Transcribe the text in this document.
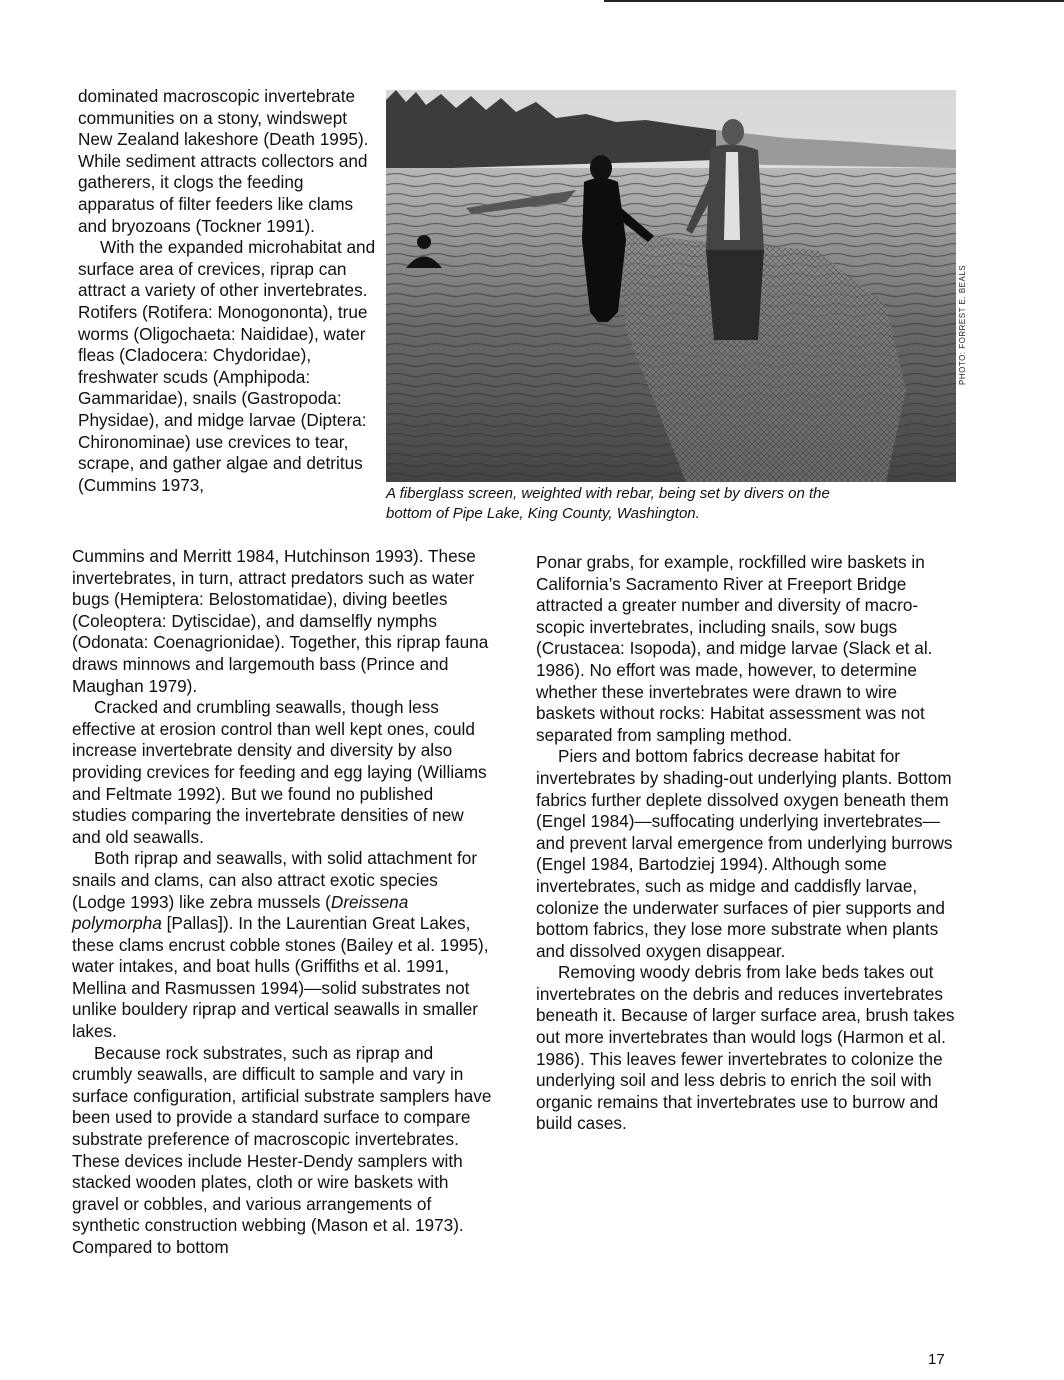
dominated macroscopic invertebrate communities on a stony, windswept New Zealand lakeshore (Death 1995). While sediment attracts collectors and gatherers, it clogs the feeding apparatus of filter feeders like clams and bryozoans (Tockner 1991).

With the expanded microhabitat and surface area of crevices, riprap can attract a variety of other invertebrates. Rotifers (Rotifera: Monogononta), true worms (Oligochaeta: Naididae), water fleas (Cladocera: Chydoridae), freshwater scuds (Amphipoda: Gammaridae), snails (Gastropoda: Physidae), and midge larvae (Diptera: Chironominae) use crevices to tear, scrape, and gather algae and detritus (Cummins 1973,	A fiberglass screen, weighted with rebar, being set by divers on the bottom of Pipe Lake, King County, Washington.
PHOTO: FORREST E. BEALS

Cummins and Merritt 1984, Hutchinson 1993). These invertebrates, in turn, attract predators such as water bugs (Hemiptera: Belostomatidae), diving beetles (Coleoptera: Dytiscidae), and damselfly nymphs (Odonata: Coenagrionidae). Together, this riprap fauna draws minnows and largemouth bass (Prince and Maughan 1979).

Cracked and crumbling seawalls, though less effective at erosion control than well kept ones, could increase invertebrate density and diversity by also providing crevices for feeding and egg laying (Williams and Feltmate 1992). But we found no published studies comparing the invertebrate densities of new and old seawalls.

Both riprap and seawalls, with solid attachment for snails and clams, can also attract exotic species (Lodge 1993) like zebra mussels (Dreissena polymorpha [Pallas]). In the Laurentian Great Lakes, these clams encrust cobble stones (Bailey et al. 1995), water intakes, and boat hulls (Griffiths et al. 1991, Mellina and Rasmussen 1994)—solid substrates not unlike bouldery riprap and vertical seawalls in smaller lakes.

Because rock substrates, such as riprap and crumbly seawalls, are difficult to sample and vary in surface configuration, artificial substrate samplers have been used to provide a standard surface to compare substrate preference of macroscopic invertebrates. These devices include Hester-Dendy samplers with stacked wooden plates, cloth or wire baskets with gravel or cobbles, and various arrangements of synthetic construction webbing (Mason et al. 1973). Compared to bottom

Ponar grabs, for example, rockfilled wire baskets in California’s Sacramento River at Freeport Bridge attracted a greater number and diversity of macroscopic invertebrates, including snails, sow bugs (Crustacea: Isopoda), and midge larvae (Slack et al. 1986). No effort was made, however, to determine whether these invertebrates were drawn to wire baskets without rocks: Habitat assessment was not separated from sampling method.

Piers and bottom fabrics decrease habitat for invertebrates by shading-out underlying plants. Bottom fabrics further deplete dissolved oxygen beneath them (Engel 1984)—suffocating underlying invertebrates—and prevent larval emergence from underlying burrows (Engel 1984, Bartodziej 1994). Although some invertebrates, such as midge and caddisfly larvae, colonize the underwater surfaces of pier supports and bottom fabrics, they lose more substrate when plants and dissolved oxygen disappear.

Removing woody debris from lake beds takes out invertebrates on the debris and reduces invertebrates beneath it. Because of larger surface area, brush takes out more invertebrates than would logs (Harmon et al. 1986). This leaves fewer invertebrates to colonize the underlying soil and less debris to enrich the soil with organic remains that invertebrates use to burrow and build cases.

17
